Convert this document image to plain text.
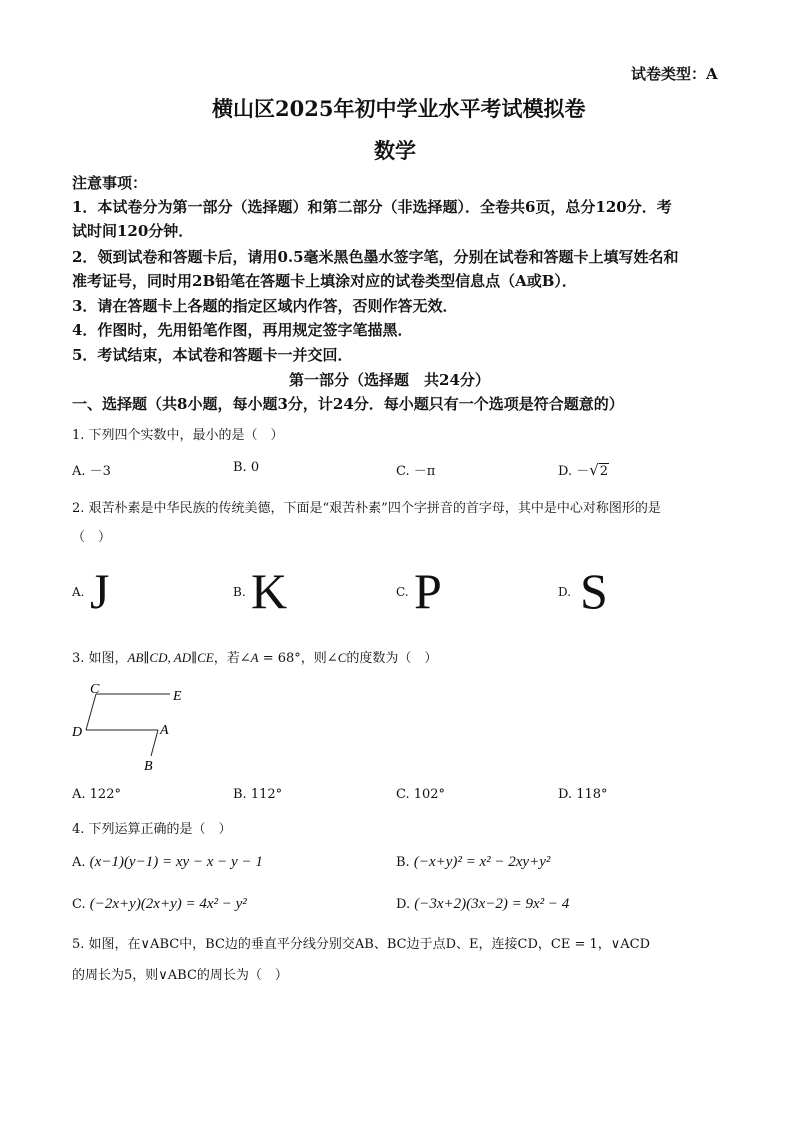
试卷类型：A
横山区2025年初中学业水平考试模拟卷
数学
注意事项：
1．本试卷分为第一部分（选择题）和第二部分（非选择题）．全卷共6页，总分120分．考
试时间120分钟．
2．领到试卷和答题卡后，请用0.5毫米黑色墨水签字笔，分别在试卷和答题卡上填写姓名和
准考证号，同时用2B铅笔在答题卡上填涂对应的试卷类型信息点（A或B）．
3．请在答题卡上各题的指定区域内作答，否则作答无效．
4．作图时，先用铅笔作图，再用规定签字笔描黑．
5．考试结束，本试卷和答题卡一并交回．
第一部分（选择题　共24分）
一、选择题（共8小题，每小题3分，计24分．每小题只有一个选项是符合题意的）
1. 下列四个实数中，最小的是（　）
A. －3	B. 0	C. －π	D. －√2
2. 艰苦朴素是中华民族的传统美德，下面是“艰苦朴素”四个字拼音的首字母，其中是中心对称图形的是
（　）
A. J	B. K	C. P	D. S
3. 如图，AB∥CD, AD∥CE，若∠A = 68°，则∠C的度数为（　）
C	E
D	A
B
A. 122°	B. 112°	C. 102°	D. 118°
4. 下列运算正确的是（　）
A. (x−1)(y−1) = xy − x − y − 1	B. (−x+y)² = x² − 2xy+y²
C. (−2x+y)(2x+y) = 4x² − y²	D. (−3x+2)(3x−2) = 9x² − 4
5. 如图，在∨ABC中，BC边的垂直平分线分别交AB、BC边于点D、E，连接CD，CE = 1，∨ACD
的周长为5，则∨ABC的周长为（　）
